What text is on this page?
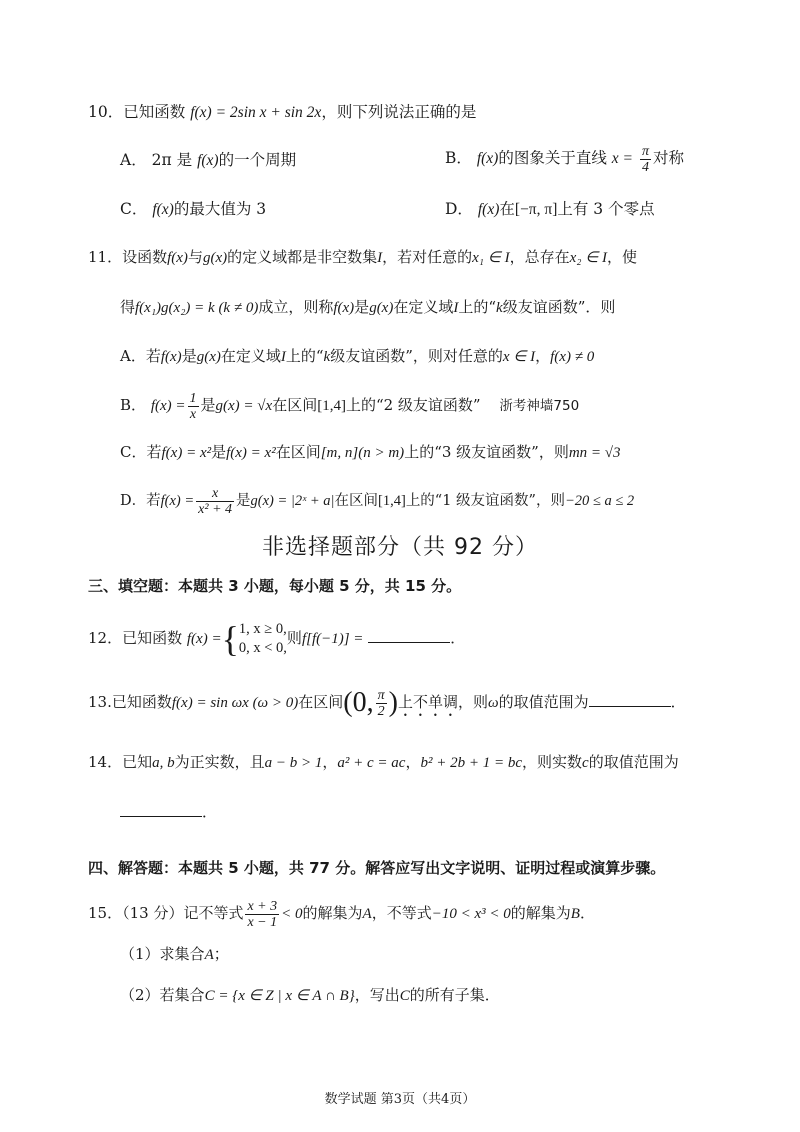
10．已知函数 f(x) = 2sin x + sin 2x，则下列说法正确的是
A． 2π 是 f(x)的一个周期	B． f(x)的图象关于直线 $x = \frac{\pi}{4}$ 对称
C． f(x)的最大值为 3	D． f(x)在[−π, π]上有 3 个零点
11．设函数f(x)与g(x)的定义域都是非空数集I，若对任意的x₁ ∈ I，总存在x₂ ∈ I，使
得f(x₁)g(x₂) = k (k ≠ 0)成立，则称f(x)是g(x)在定义域I上的“k级友谊函数”．则
A．若f(x)是g(x)在定义域I上的“k级友谊函数”，则对任意的x ∈ I，f(x) ≠ 0
B． $f(x) = \frac{1}{x}$ 是g(x) = √x在区间[1,4]上的“2 级友谊函数” 浙考神墙750
C．若f(x) = x²是f(x) = x²在区间[m, n](n > m)上的“3 级友谊函数”，则mn = √3
D．若$f(x) = \frac{x}{\text{x² + 4}}$ 是g(x) = |2ˣ + a|在区间[1,4]上的“1 级友谊函数”，则−20 ≤ a ≤ 2
非选择题部分（共 92 分）
三、填空题：本题共 3 小题，每小题 5 分，共 15 分。
12．已知函数 f(x) ={ 1, x ≥ 0,
0, x < 0,
则f[f(−1)] =	．
13.已知函数f(x) = sin ωx (ω > 0)在区间(0, $\frac{\pi}{2}$ )上不单调，则ω的取值范围为	．
14．已知a, b为正实数，且a − b > 1，a² + c = ac，b² + 2b + 1 = bc，则实数c的取值范围为
．
四、解答题：本题共 5 小题，共 77 分。解答应写出文字说明、证明过程或演算步骤。
15．（13 分）记不等式 $\frac{x + 3}{x - 1} < 0$的解集为A，不等式−10 < x³ < 0的解集为B．
（1）求集合A；
（2）若集合C = {x ∈ Z | x ∈ A ∩ B}，写出C的所有子集．
数学试题 第3页（共4页）
